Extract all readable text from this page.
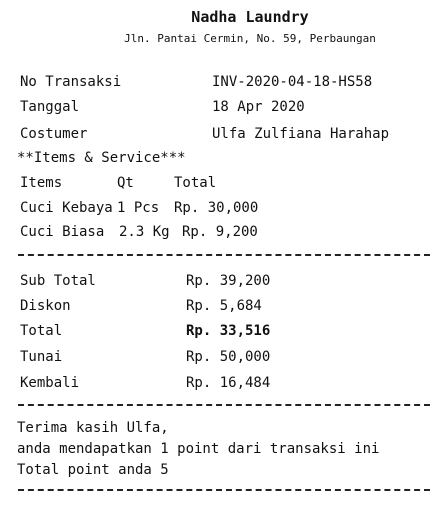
Nadha Laundry
Jln. Pantai Cermin, No. 59, Perbaungan
No Transaksi	INV-2020-04-18-HS58
Tanggal	18 Apr 2020
Costumer	Ulfa Zulfiana Harahap
**Items & Service***
Items	Qt	Total
Cuci Kebaya 1 Pcs Rp. 30,000
Cuci Biasa 2.3 Kg Rp. 9,200
Sub Total	Rp. 39,200
Diskon	Rp. 5,684
Total	Rp. 33,516
Tunai	Rp. 50,000
Kembali	Rp. 16,484
Terima kasih Ulfa,
anda mendapatkan 1 point dari transaksi ini
Total point anda 5
